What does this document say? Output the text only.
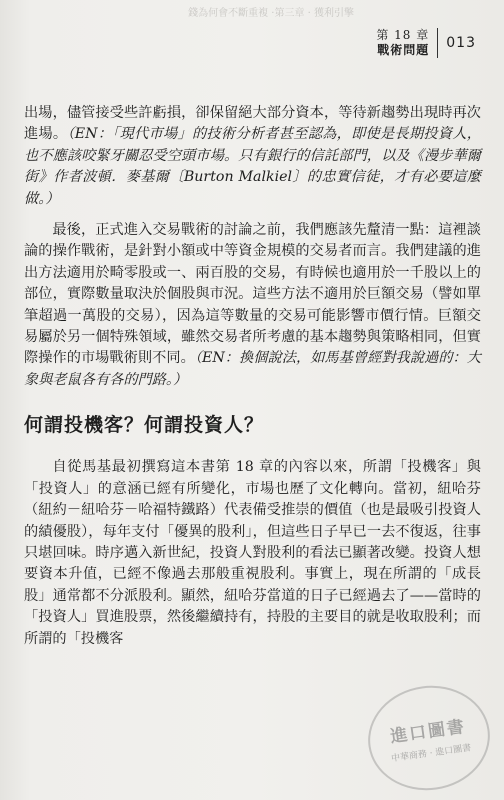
錢為何會不斷重複 ·第三章 · 獲利引擎
第 18 章
戰術問題	013

出場，儘管接受些許虧損，卻保留絕大部分資本，等待新趨勢出現時再次進場。（EN：「現代市場」的技術分析者甚至認為，即使是長期投資人，也不應該咬緊牙關忍受空頭市場。只有銀行的信託部門，以及《漫步華爾街》作者波頓．麥基爾〔Burton Malkiel〕的忠實信徒，才有必要這麼做。）

最後，正式進入交易戰術的討論之前，我們應該先釐清一點：這裡談論的操作戰術，是針對小額或中等資金規模的交易者而言。我們建議的進出方法適用於畸零股或一、兩百股的交易，有時候也適用於一千股以上的部位，實際數量取決於個股與市況。這些方法不適用於巨額交易（譬如單筆超過一萬股的交易），因為這等數量的交易可能影響市價行情。巨額交易屬於另一個特殊領域，雖然交易者所考慮的基本趨勢與策略相同，但實際操作的市場戰術則不同。（EN：換個說法，如馬基曾經對我說過的：大象與老鼠各有各的門路。）

何謂投機客？何謂投資人？

自從馬基最初撰寫這本書第 18 章的內容以來，所謂「投機客」與「投資人」的意涵已經有所變化，市場也歷了文化轉向。當初，紐哈芬（紐約－紐哈芬－哈福特鐵路）代表備受推崇的價值（也是最吸引投資人的績優股），每年支付「優異的股利」，但這些日子早已一去不復返，往事只堪回味。時序邁入新世紀，投資人對股利的看法已顯著改變。投資人想要資本升值，已經不像過去那般重視股利。事實上，現在所謂的「成長股」通常都不分派股利。顯然，紐哈芬當道的日子已經過去了——當時的「投資人」買進股票，然後繼續持有，持股的主要目的就是收取股利；而所謂的「投機客

進口圖書
中華商務 · 進口圖書
